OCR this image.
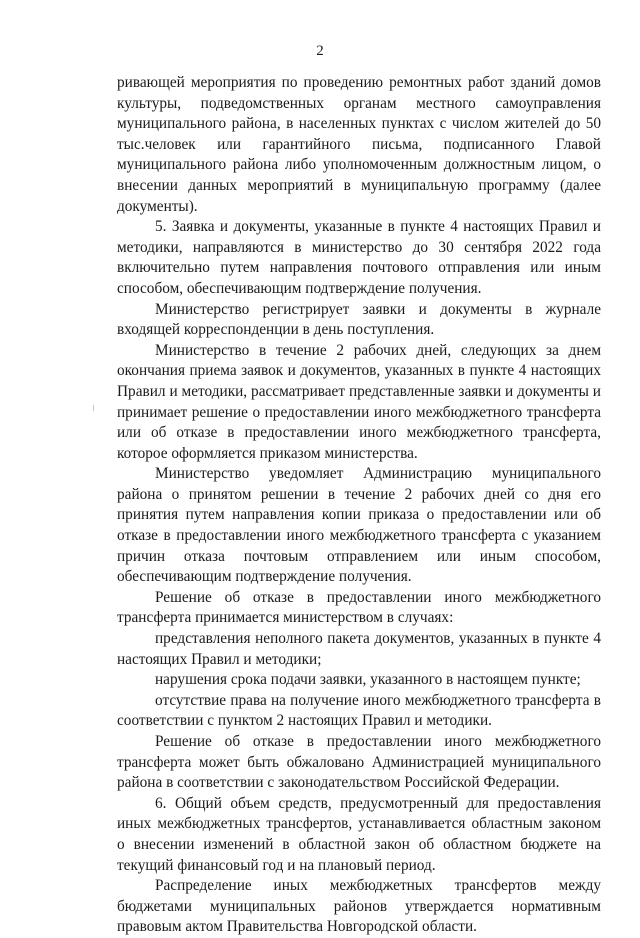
2

ривающей мероприятия по проведению ремонтных работ зданий домов культуры, подведомственных органам местного самоуправления муниципального района, в населенных пунктах с числом жителей до 50 тыс.человек или гарантийного письма, подписанного Главой муниципального района либо уполномоченным должностным лицом, о внесении данных мероприятий в муниципальную программу (далее документы).

5. Заявка и документы, указанные в пункте 4 настоящих Правил и методики, направляются в министерство до 30 сентября 2022 года включительно путем направления почтового отправления или иным способом, обеспечивающим подтверждение получения.

Министерство регистрирует заявки и документы в журнале входящей корреспонденции в день поступления.

Министерство в течение 2 рабочих дней, следующих за днем окончания приема заявок и документов, указанных в пункте 4 настоящих Правил и методики, рассматривает представленные заявки и документы и принимает решение о предоставлении иного межбюджетного трансферта или об отказе в предоставлении иного межбюджетного трансферта, которое оформляется приказом министерства.

Министерство уведомляет Администрацию муниципального района о принятом решении в течение 2 рабочих дней со дня его принятия путем направления копии приказа о предоставлении или об отказе в предоставлении иного межбюджетного трансферта с указанием причин отказа почтовым отправлением или иным способом, обеспечивающим подтверждение получения.

Решение об отказе в предоставлении иного межбюджетного трансферта принимается министерством в случаях:

представления неполного пакета документов, указанных в пункте 4 настоящих Правил и методики;

нарушения срока подачи заявки, указанного в настоящем пункте;

отсутствие права на получение иного межбюджетного трансферта в соответствии с пунктом 2 настоящих Правил и методики.

Решение об отказе в предоставлении иного межбюджетного трансферта может быть обжаловано Администрацией муниципального района в соответствии с законодательством Российской Федерации.

6. Общий объем средств, предусмотренный для предоставления иных межбюджетных трансфертов, устанавливается областным законом о внесении изменений в областной закон об областном бюджете на текущий финансовый год и на плановый период.

Распределение иных межбюджетных трансфертов между бюджетами муниципальных районов утверждается нормативным правовым актом Правительства Новгородской области.
